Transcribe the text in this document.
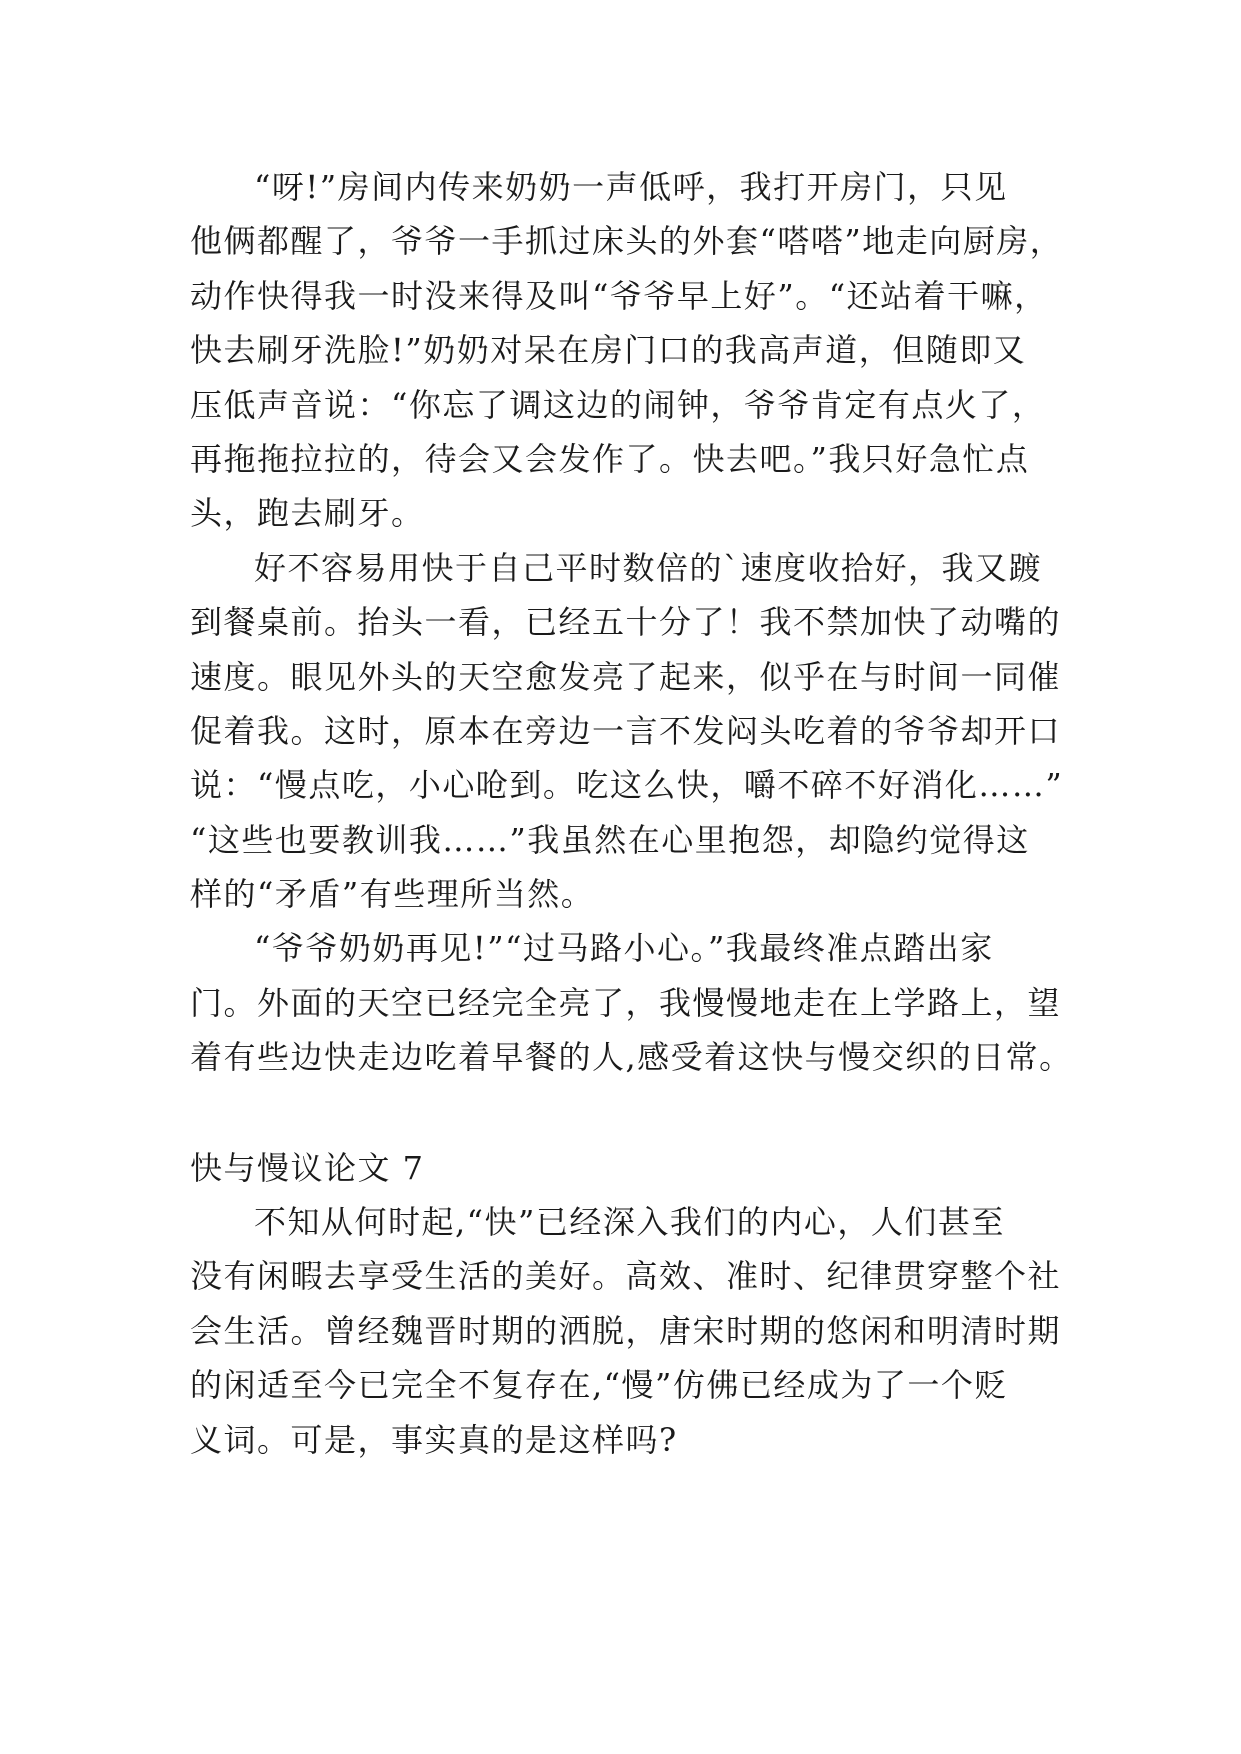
“呀!”房间内传来奶奶一声低呼，我打开房门，只见
他俩都醒了，爷爷一手抓过床头的外套“嗒嗒”地走向厨房，
动作快得我一时没来得及叫“爷爷早上好”。“还站着干嘛，
快去刷牙洗脸!”奶奶对呆在房门口的我高声道，但随即又
压低声音说：“你忘了调这边的闹钟，爷爷肯定有点火了，
再拖拖拉拉的，待会又会发作了。快去吧。”我只好急忙点
头，跑去刷牙。
好不容易用快于自己平时数倍的`速度收拾好，我又踱
到餐桌前。抬头一看，已经五十分了！我不禁加快了动嘴的
速度。眼见外头的天空愈发亮了起来，似乎在与时间一同催
促着我。这时，原本在旁边一言不发闷头吃着的爷爷却开口
说：“慢点吃，小心呛到。吃这么快，嚼不碎不好消化……”
“这些也要教训我……”我虽然在心里抱怨，却隐约觉得这
样的“矛盾”有些理所当然。
“爷爷奶奶再见!”“过马路小心。”我最终准点踏出家
门。外面的天空已经完全亮了，我慢慢地走在上学路上，望
着有些边快走边吃着早餐的人,感受着这快与慢交织的日常。
快与慢议论文 7
不知从何时起,“快”已经深入我们的内心，人们甚至
没有闲暇去享受生活的美好。高效、准时、纪律贯穿整个社
会生活。曾经魏晋时期的洒脱，唐宋时期的悠闲和明清时期
的闲适至今已完全不复存在,“慢”仿佛已经成为了一个贬
义词。可是，事实真的是这样吗?
